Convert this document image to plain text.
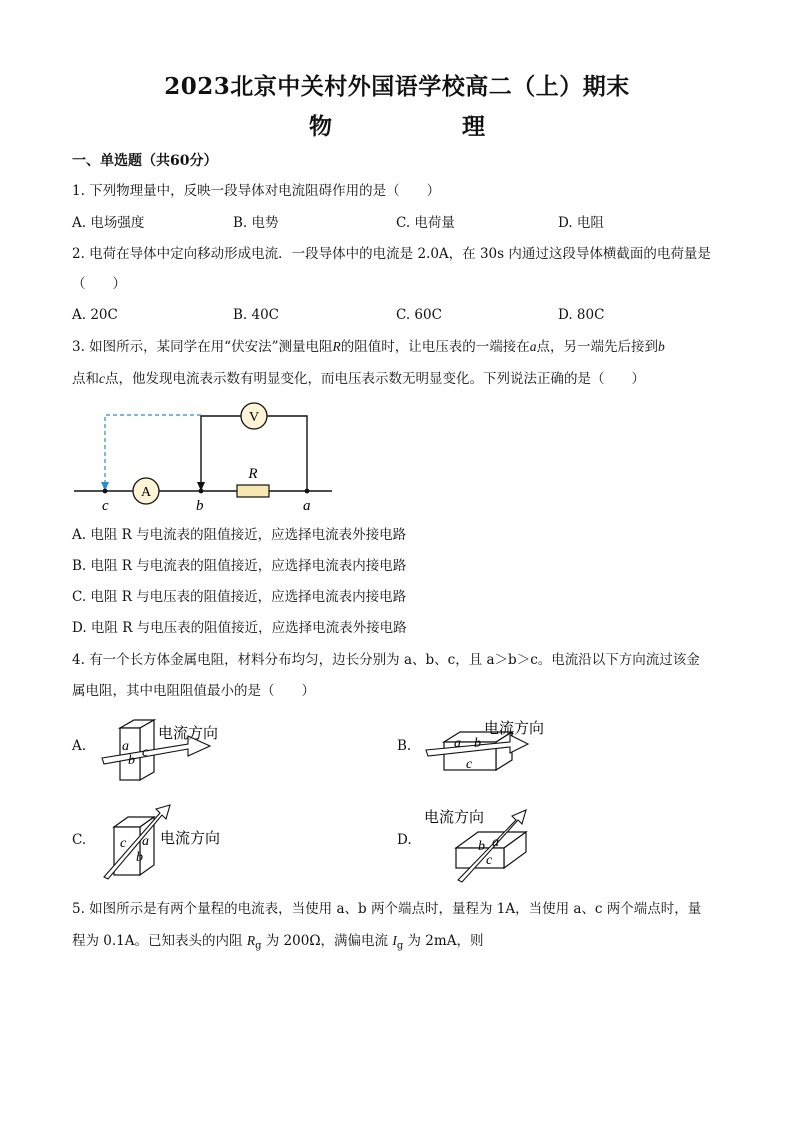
2023北京中关村外国语学校高二（上）期末
物　　理
一、单选题（共60分）
1. 下列物理量中，反映一段导体对电流阻碍作用的是（　　）
A. 电场强度	B. 电势	C. 电荷量	D. 电阻
2. 电荷在导体中定向移动形成电流．一段导体中的电流是 2.0A，在 30s 内通过这段导体横截面的电荷量是
（　　）
A. 20C	B. 40C	C. 60C	D. 80C
3. 如图所示，某同学在用“伏安法”测量电阻R的阻值时，让电压表的一端接在a点，另一端先后接到b
点和c点，他发现电流表示数有明显变化，而电压表示数无明显变化。下列说法正确的是（　　）
V
A
R
c	b	a
A. 电阻 R 与电流表的阻值接近，应选择电流表外接电路
B. 电阻 R 与电流表的阻值接近，应选择电流表内接电路
C. 电阻 R 与电压表的阻值接近，应选择电流表内接电路
D. 电阻 R 与电压表的阻值接近，应选择电流表外接电路
4. 有一个长方体金属电阻，材料分布均匀，边长分别为 a、b、c，且 a＞b＞c。电流沿以下方向流过该金
属电阻，其中电阻阻值最小的是（　　）
A.	B.
C.	D.
a
b
c
电流方向
a b
c
电流方向
c a
b
电流方向	b a
c
电流方向
5. 如图所示是有两个量程的电流表，当使用 a、b 两个端点时，量程为 1A，当使用 a、c 两个端点时，量
程为 0.1A。已知表头的内阻 $R_g$ 为 200Ω，满偏电流 $I_g$ 为 2mA，则
